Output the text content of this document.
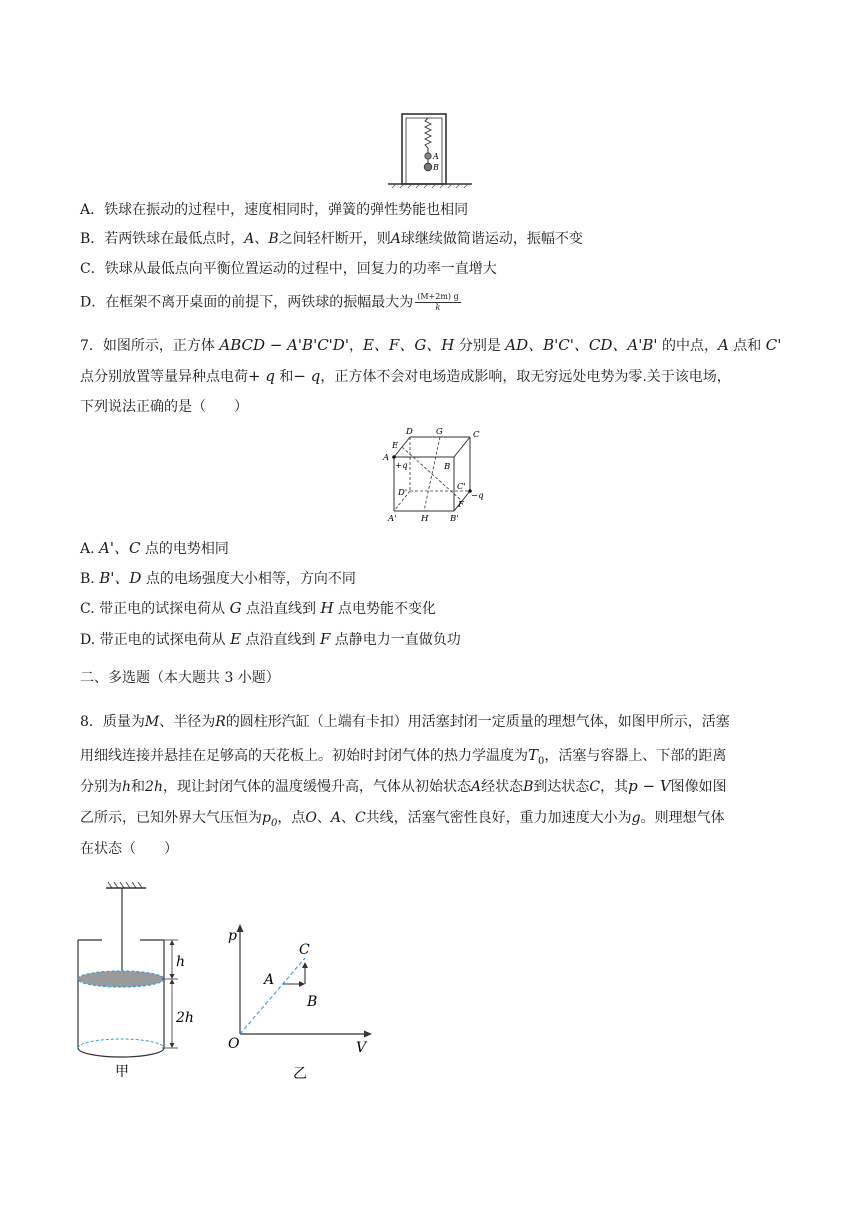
A
B
A．铁球在振动的过程中，速度相同时，弹簧的弹性势能也相同
B．若两铁球在最低点时，A、B之间轻杆断开，则A球继续做简谐运动，振幅不变
C．铁球从最低点向平衡位置运动的过程中，回复力的功率一直增大
D．在框架不离开桌面的前提下，两铁球的振幅最大为 $\frac{(M+2m) g}{k}$
7．如图所示，正方体 ABCD − A'B'C'D'，E、F、G、H 分别是 AD、B'C'、CD、A'B' 的中点，A 点和 C'
点分别放置等量异种点电荷+ q 和− q，正方体不会对电场造成影响，取无穷远处电势为零.关于该电场，
下列说法正确的是（　　）
D	G	C
E
A
+q	B
D'
C'
−q
F
A'	H	B'
A. A'、C 点的电势相同
B. B'、D 点的电场强度大小相等，方向不同
C. 带正电的试探电荷从 G 点沿直线到 H 点电势能不变化
D. 带正电的试探电荷从 E 点沿直线到 F 点静电力一直做负功
二、多选题（本大题共 3 小题）
8．质量为M、半径为R的圆柱形汽缸（上端有卡扣）用活塞封闭一定质量的理想气体，如图甲所示，活塞
用细线连接并悬挂在足够高的天花板上。初始时封闭气体的热力学温度为$T_0$，活塞与容器上、下部的距离
分别为h和2h，现让封闭气体的温度缓慢升高，气体从初始状态A经状态B到达状态C，其p − V图像如图
乙所示，已知外界大气压恒为$p_0$，点O、A、C共线，活塞气密性良好，重力加速度大小为g。则理想气体
在状态（　　）
h
2h
甲
p
V
O
A
B
C
乙
